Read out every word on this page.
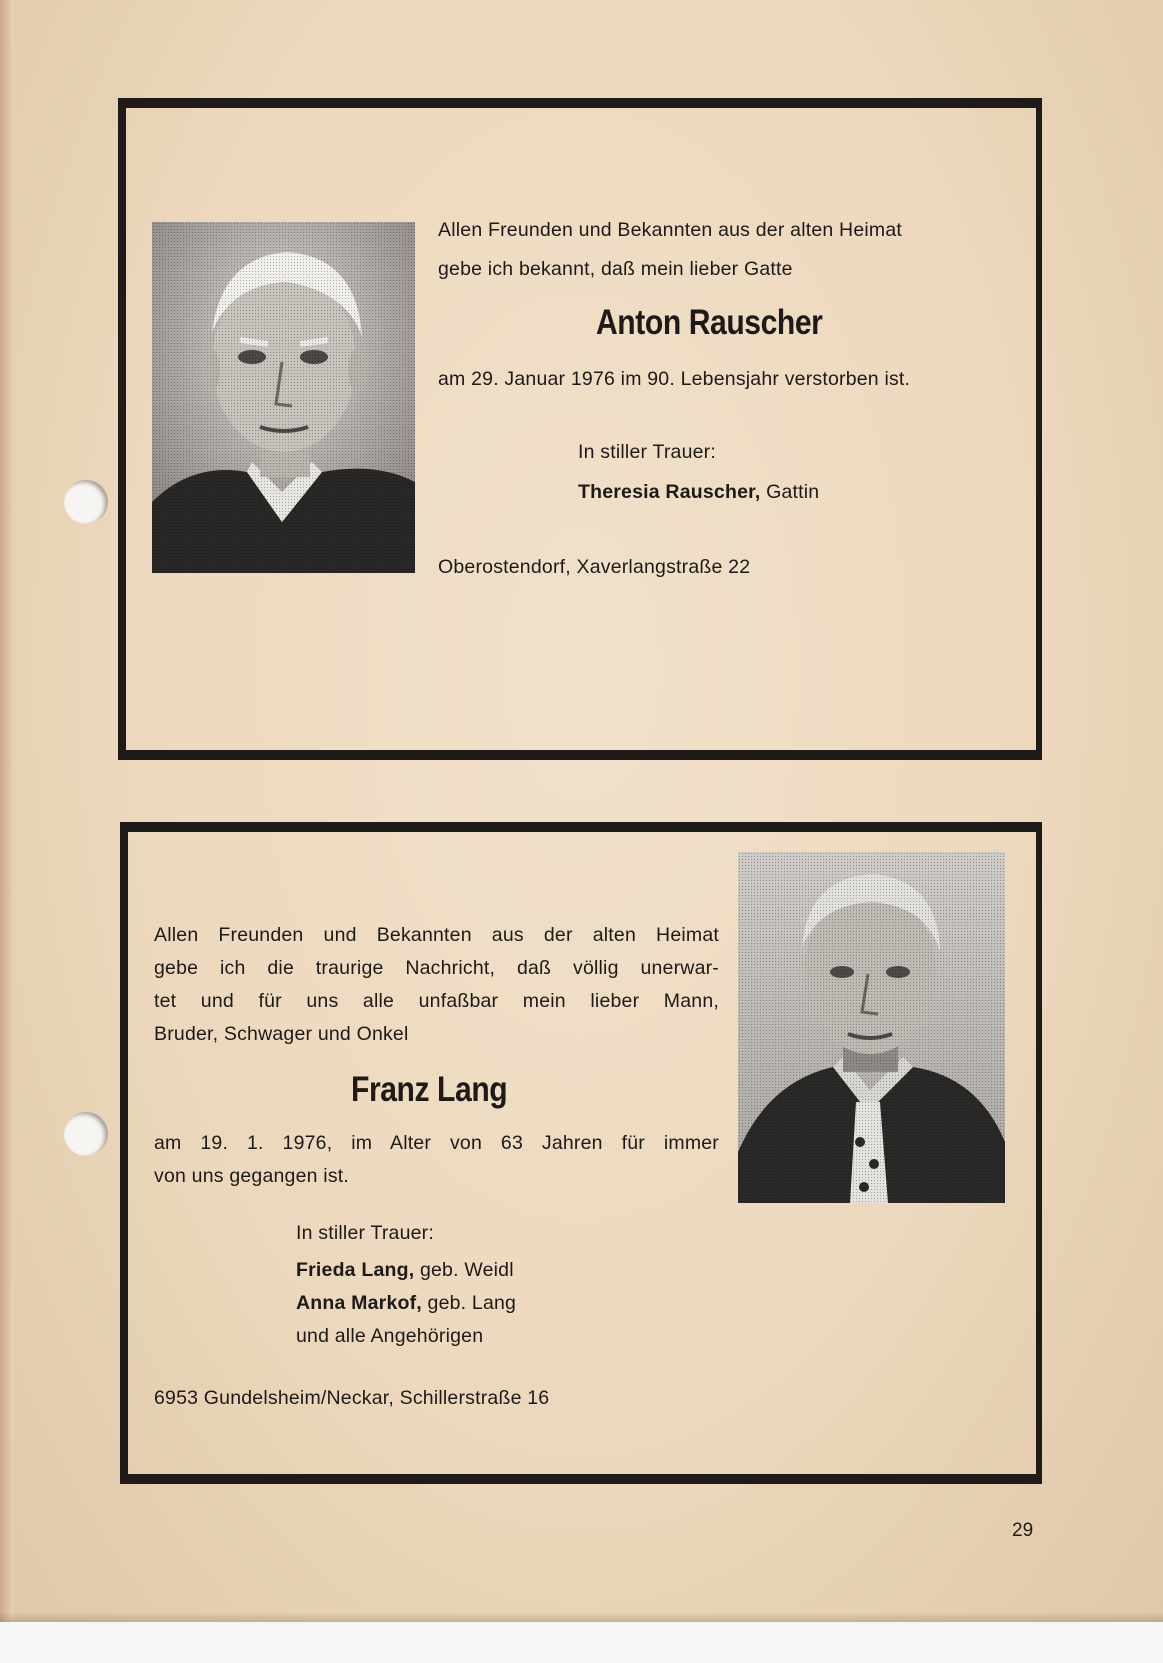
Allen Freunden und Bekannten aus der alten Heimat
gebe ich bekannt, daß mein lieber Gatte
Anton Rauscher
am 29. Januar 1976 im 90. Lebensjahr verstorben ist.
In stiller Trauer:
Theresia Rauscher, Gattin
Oberostendorf, Xaverlangstraße 22
Allen Freunden und Bekannten aus der alten Heimat
gebe ich die traurige Nachricht, daß völlig unerwar-
tet und für uns alle unfaßbar mein lieber Mann,
Bruder, Schwager und Onkel
Franz Lang
am 19. 1. 1976, im Alter von 63 Jahren für immer
von uns gegangen ist.
In stiller Trauer:
Frieda Lang, geb. Weidl
Anna Markof, geb. Lang
und alle Angehörigen
6953 Gundelsheim/Neckar, Schillerstraße 16
29
